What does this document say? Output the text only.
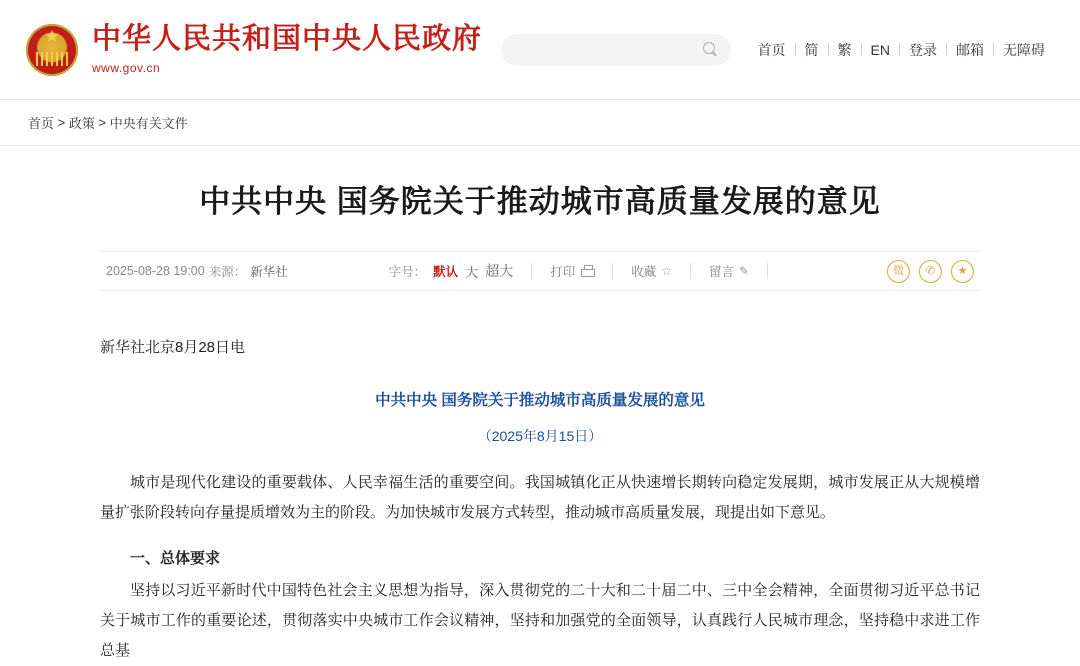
★
中华人民共和国中央人民政府
www.gov.cn
首页	简	繁	EN	登录	邮箱	无障碍
首页 > 政策 > 中央有关文件
中共中央 国务院关于推动城市高质量发展的意见
2025-08-28 19:00 来源： 新华社	字号： 默认 大 超大	打印	收藏 ☆	留言 ✎	微	✆	★

新华社北京8月28日电

中共中央 国务院关于推动城市高质量发展的意见

（2025年8月15日）

城市是现代化建设的重要载体、人民幸福生活的重要空间。我国城镇化正从快速增长期转向稳定发展期，城市发展正从大规模增量扩张阶段转向存量提质增效为主的阶段。为加快城市发展方式转型，推动城市高质量发展，现提出如下意见。

一、总体要求

坚持以习近平新时代中国特色社会主义思想为指导，深入贯彻党的二十大和二十届二中、三中全会精神，全面贯彻习近平总书记关于城市工作的重要论述，贯彻落实中央城市工作会议精神，坚持和加强党的全面领导，认真践行人民城市理念，坚持稳中求进工作总基
